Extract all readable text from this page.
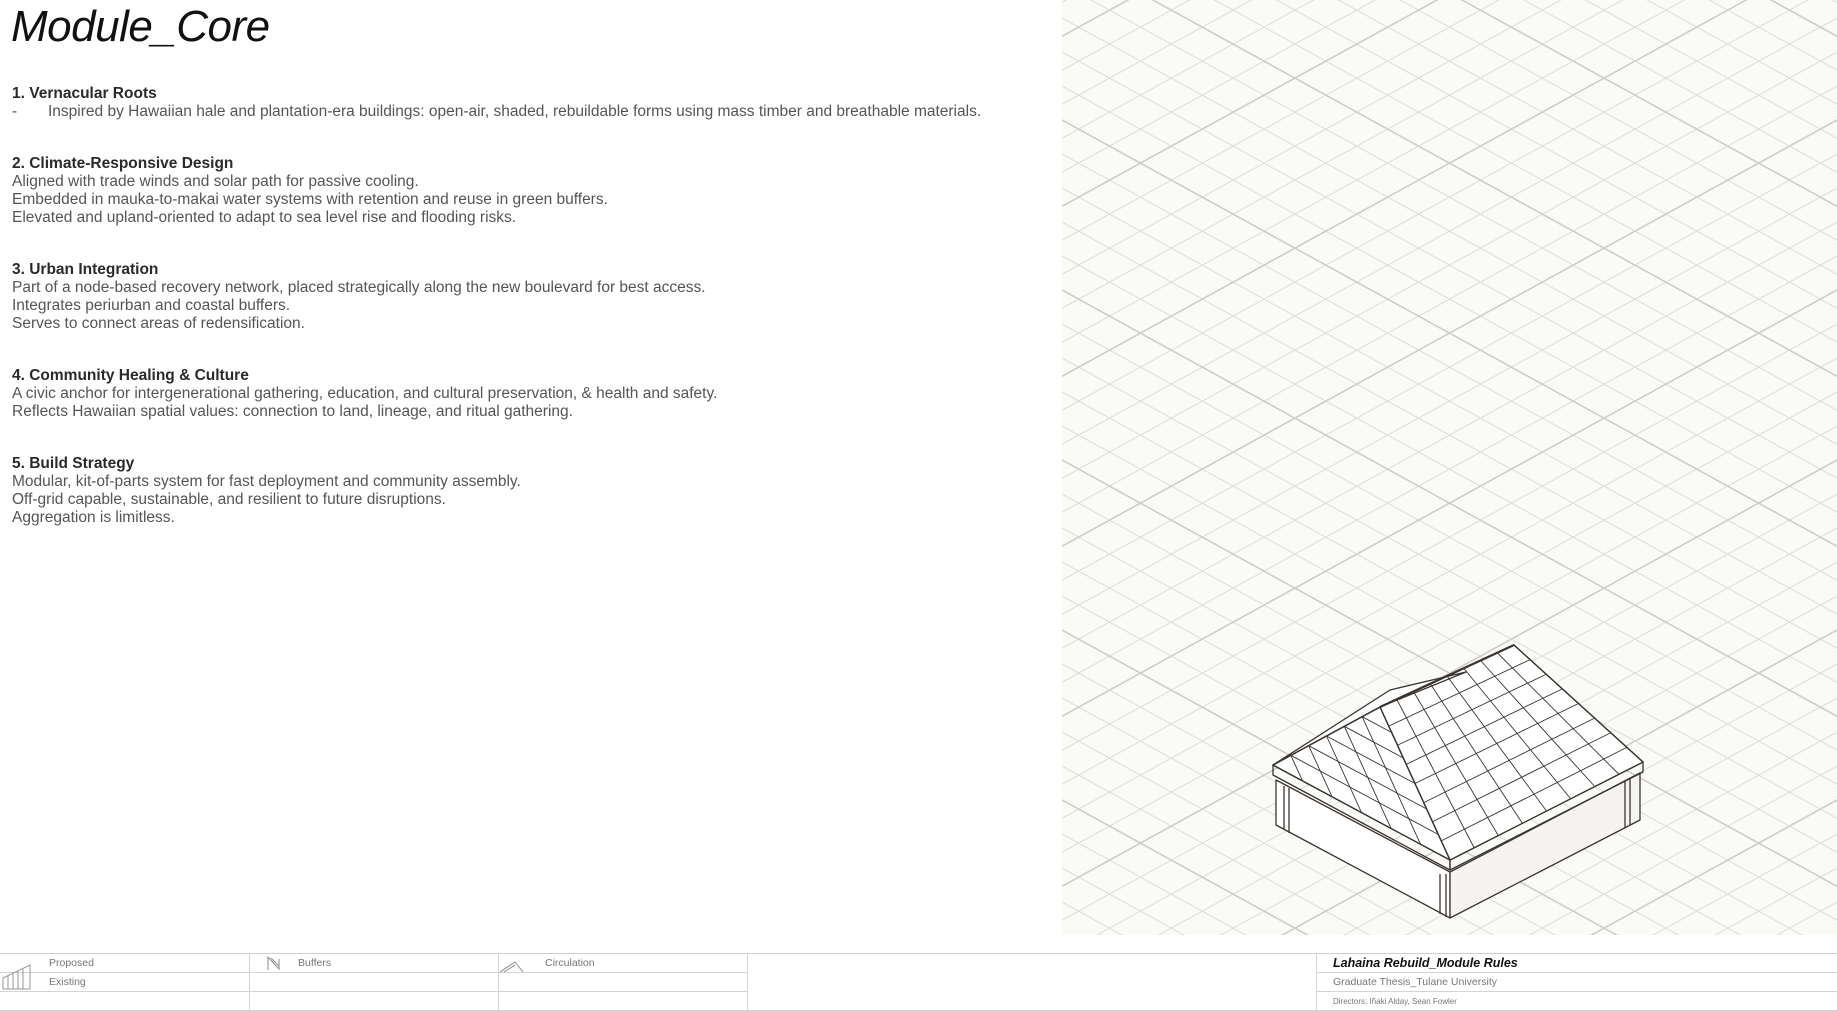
Module_Core
1. Vernacular Roots
-	Inspired by Hawaiian hale and plantation-era buildings: open-air, shaded, rebuildable forms using mass timber and breathable materials.
2. Climate-Responsive Design
Aligned with trade winds and solar path for passive cooling.
Embedded in mauka-to-makai water systems with retention and reuse in green buffers.
Elevated and upland-oriented to adapt to sea level rise and flooding risks.
3. Urban Integration
Part of a node-based recovery network, placed strategically along the new boulevard for best access.
Integrates periurban and coastal buffers.
Serves to connect areas of redensification.
4. Community Healing & Culture
A civic anchor for intergenerational gathering, education, and cultural preservation, & health and safety.
Reflects Hawaiian spatial values: connection to land, lineage, and ritual gathering.
5. Build Strategy
Modular, kit-of-parts system for fast deployment and community assembly.
Off-grid capable, sustainable, and resilient to future disruptions.
Aggregation is limitless.
Proposed
Existing
Buffers	Circulation	Lahaina Rebuild_Module Rules
Graduate Thesis_Tulane University
Directors: Iñaki Alday, Sean Fowler
